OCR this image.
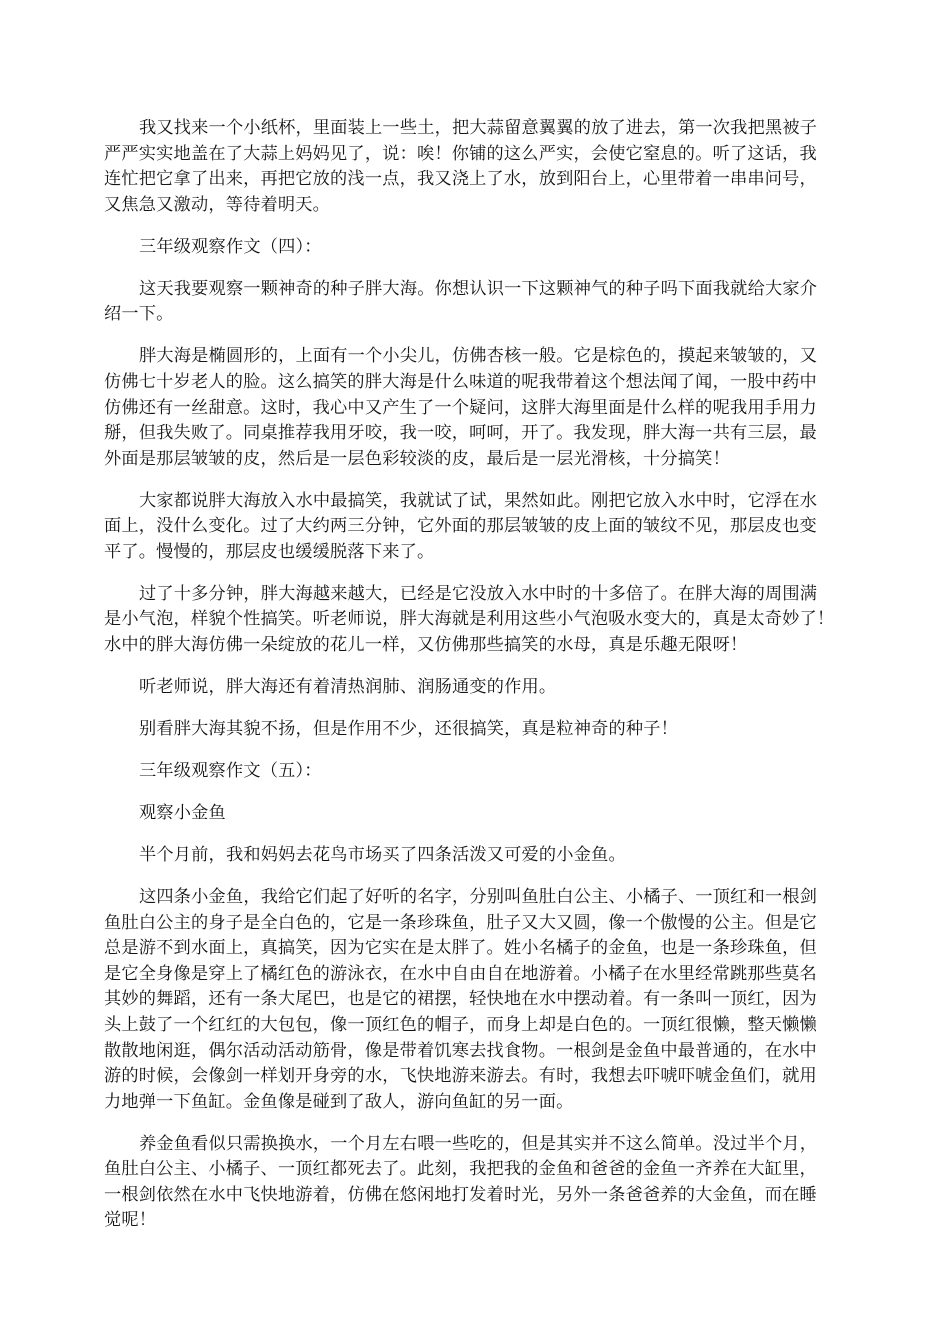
我又找来一个小纸杯，里面装上一些土，把大蒜留意翼翼的放了进去，第一次我把黑被子
严严实实地盖在了大蒜上妈妈见了，说：唉！你铺的这么严实，会使它窒息的。听了这话，我
连忙把它拿了出来，再把它放的浅一点，我又浇上了水，放到阳台上，心里带着一串串问号，
又焦急又激动，等待着明天。

三年级观察作文（四）：

这天我要观察一颗神奇的种子胖大海。你想认识一下这颗神气的种子吗下面我就给大家介
绍一下。

胖大海是椭圆形的，上面有一个小尖儿，仿佛杏核一般。它是棕色的，摸起来皱皱的，又
仿佛七十岁老人的脸。这么搞笑的胖大海是什么味道的呢我带着这个想法闻了闻，一股中药中
仿佛还有一丝甜意。这时，我心中又产生了一个疑问，这胖大海里面是什么样的呢我用手用力
掰，但我失败了。同桌推荐我用牙咬，我一咬，呵呵，开了。我发现，胖大海一共有三层，最
外面是那层皱皱的皮，然后是一层色彩较淡的皮，最后是一层光滑核，十分搞笑！

大家都说胖大海放入水中最搞笑，我就试了试，果然如此。刚把它放入水中时，它浮在水
面上，没什么变化。过了大约两三分钟，它外面的那层皱皱的皮上面的皱纹不见，那层皮也变
平了。慢慢的，那层皮也缓缓脱落下来了。

过了十多分钟，胖大海越来越大，已经是它没放入水中时的十多倍了。在胖大海的周围满
是小气泡，样貌个性搞笑。听老师说，胖大海就是利用这些小气泡吸水变大的，真是太奇妙了！
水中的胖大海仿佛一朵绽放的花儿一样，又仿佛那些搞笑的水母，真是乐趣无限呀！

听老师说，胖大海还有着清热润肺、润肠通变的作用。

别看胖大海其貌不扬，但是作用不少，还很搞笑，真是粒神奇的种子！

三年级观察作文（五）：

观察小金鱼

半个月前，我和妈妈去花鸟市场买了四条活泼又可爱的小金鱼。

这四条小金鱼，我给它们起了好听的名字，分别叫鱼肚白公主、小橘子、一顶红和一根剑
鱼肚白公主的身子是全白色的，它是一条珍珠鱼，肚子又大又圆，像一个傲慢的公主。但是它
总是游不到水面上，真搞笑，因为它实在是太胖了。姓小名橘子的金鱼，也是一条珍珠鱼，但
是它全身像是穿上了橘红色的游泳衣，在水中自由自在地游着。小橘子在水里经常跳那些莫名
其妙的舞蹈，还有一条大尾巴，也是它的裙摆，轻快地在水中摆动着。有一条叫一顶红，因为
头上鼓了一个红红的大包包，像一顶红色的帽子，而身上却是白色的。一顶红很懒，整天懒懒
散散地闲逛，偶尔活动活动筋骨，像是带着饥寒去找食物。一根剑是金鱼中最普通的，在水中
游的时候，会像剑一样划开身旁的水，飞快地游来游去。有时，我想去吓唬吓唬金鱼们，就用
力地弹一下鱼缸。金鱼像是碰到了敌人，游向鱼缸的另一面。

养金鱼看似只需换换水，一个月左右喂一些吃的，但是其实并不这么简单。没过半个月，
鱼肚白公主、小橘子、一顶红都死去了。此刻，我把我的金鱼和爸爸的金鱼一齐养在大缸里，
一根剑依然在水中飞快地游着，仿佛在悠闲地打发着时光，另外一条爸爸养的大金鱼，而在睡
觉呢！
